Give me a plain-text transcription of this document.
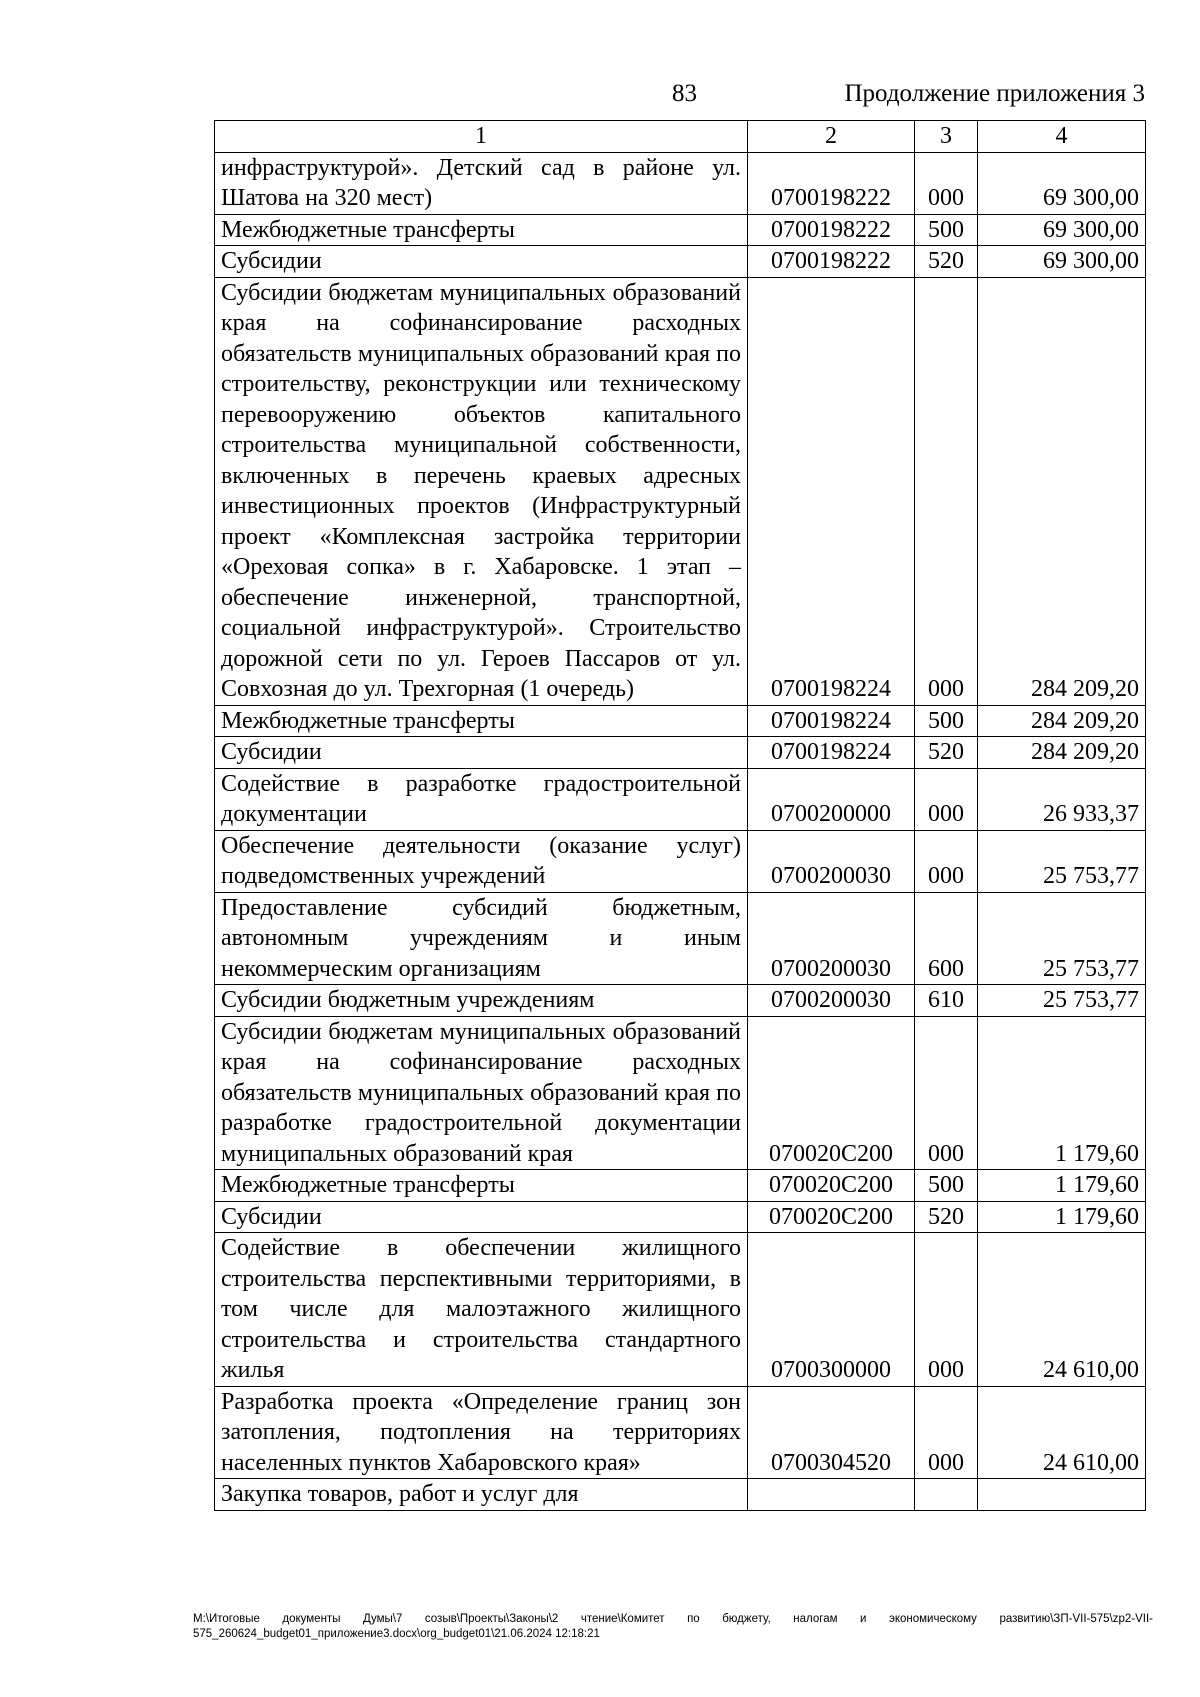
83	Продолжение приложения 3
1	2	3	4
инфраструктурой». Детский сад в районе ул. Шатова на 320 мест)	0700198222	000	69 300,00
Межбюджетные трансферты	0700198222	500	69 300,00
Субсидии	0700198222	520	69 300,00
Субсидии бюджетам муниципальных образований края на софинансирование расходных обязательств муниципальных образований края по строительству, реконструкции или техническому перевооружению объектов капитального строительства муниципальной собственности, включенных в перечень краевых адресных инвестиционных проектов (Инфраструктурный проект «Комплексная застройка территории «Ореховая сопка» в г. Хабаровске. 1 этап – обеспечение инженерной, транспортной, социальной инфраструктурой». Строительство дорожной сети по ул. Героев Пассаров от ул. Совхозная до ул. Трехгорная (1 очередь)	0700198224	000	284 209,20
Межбюджетные трансферты	0700198224	500	284 209,20
Субсидии	0700198224	520	284 209,20
Содействие в разработке градостроительной документации	0700200000	000	26 933,37
Обеспечение деятельности (оказание услуг) подведомственных учреждений	0700200030	000	25 753,77
Предоставление субсидий бюджетным, автономным учреждениям и иным некоммерческим организациям	0700200030	600	25 753,77
Субсидии бюджетным учреждениям	0700200030	610	25 753,77
Субсидии бюджетам муниципальных образований края на софинансирование расходных обязательств муниципальных образований края по разработке градостроительной документации муниципальных образований края	070020С200	000	1 179,60
Межбюджетные трансферты	070020С200	500	1 179,60
Субсидии	070020С200	520	1 179,60
Содействие в обеспечении жилищного строительства перспективными территориями, в том числе для малоэтажного жилищного строительства и строительства стандартного жилья	0700300000	000	24 610,00
Разработка проекта «Определение границ зон затопления, подтопления на территориях населенных пунктов Хабаровского края»	0700304520	000	24 610,00
Закупка товаров, работ и услуг для			
M:\Итоговые документы Думы\7 созыв\Проекты\Законы\2 чтение\Комитет по бюджету, налогам и экономическому развитию\ЗП-VII-575\zp2-VII-575_260624_budget01_приложение3.docx\org_budget01\21.06.2024 12:18:21
